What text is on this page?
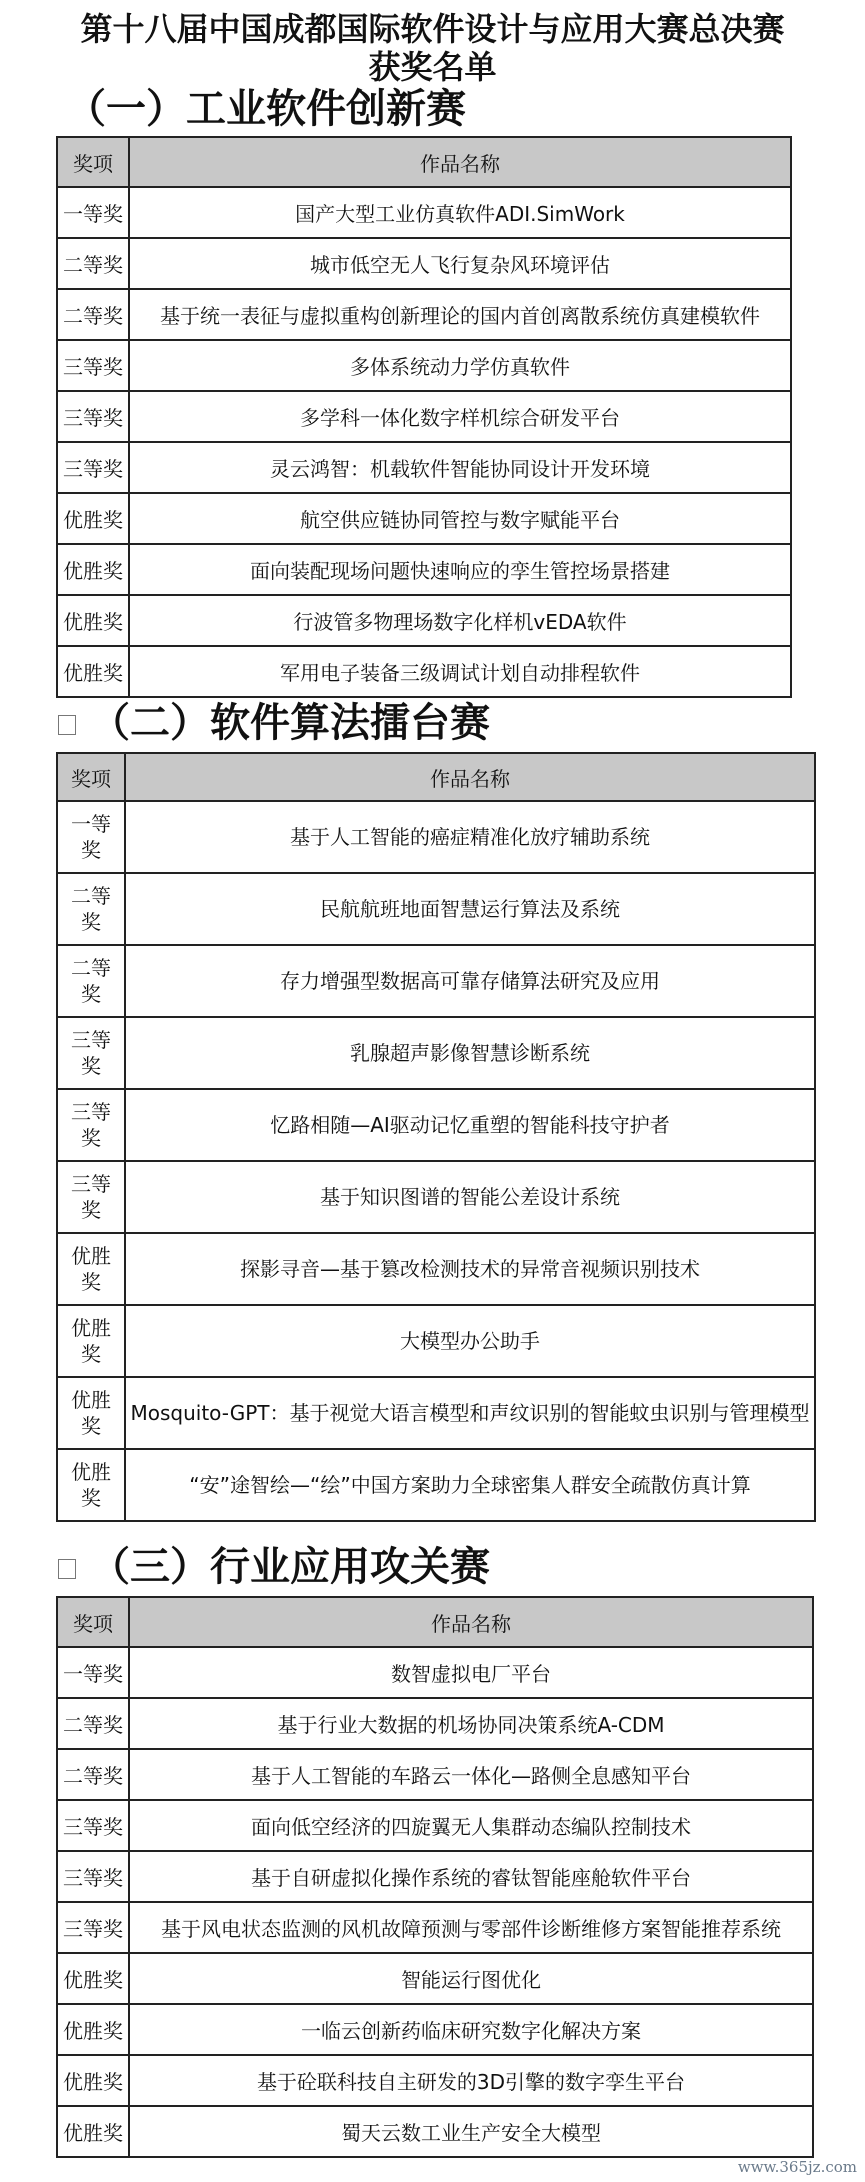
第十八届中国成都国际软件设计与应用大赛总决赛
获奖名单
（一）工业软件创新赛
奖项	作品名称
一等奖	国产大型工业仿真软件ADI.SimWork
二等奖	城市低空无人飞行复杂风环境评估
二等奖	基于统一表征与虚拟重构创新理论的国内首创离散系统仿真建模软件
三等奖	多体系统动力学仿真软件
三等奖	多学科一体化数字样机综合研发平台
三等奖	灵云鸿智：机载软件智能协同设计开发环境
优胜奖	航空供应链协同管控与数字赋能平台
优胜奖	面向装配现场问题快速响应的孪生管控场景搭建
优胜奖	行波管多物理场数字化样机vEDA软件
优胜奖	军用电子装备三级调试计划自动排程软件
（二）软件算法擂台赛
奖项	作品名称
一等奖	基于人工智能的癌症精准化放疗辅助系统
二等奖	民航航班地面智慧运行算法及系统
二等奖	存力增强型数据高可靠存储算法研究及应用
三等奖	乳腺超声影像智慧诊断系统
三等奖	忆路相随—AI驱动记忆重塑的智能科技守护者
三等奖	基于知识图谱的智能公差设计系统
优胜奖	探影寻音—基于篡改检测技术的异常音视频识别技术
优胜奖	大模型办公助手
优胜奖	Mosquito-GPT：基于视觉大语言模型和声纹识别的智能蚊虫识别与管理模型
优胜奖	“安”途智绘—“绘”中国方案助力全球密集人群安全疏散仿真计算
（三）行业应用攻关赛
奖项	作品名称
一等奖	数智虚拟电厂平台
二等奖	基于行业大数据的机场协同决策系统A-CDM
二等奖	基于人工智能的车路云一体化—路侧全息感知平台
三等奖	面向低空经济的四旋翼无人集群动态编队控制技术
三等奖	基于自研虚拟化操作系统的睿钛智能座舱软件平台
三等奖	基于风电状态监测的风机故障预测与零部件诊断维修方案智能推荐系统
优胜奖	智能运行图优化
优胜奖	一临云创新药临床研究数字化解决方案
优胜奖	基于砼联科技自主研发的3D引擎的数字孪生平台
优胜奖	蜀天云数工业生产安全大模型
www.365jz.com
